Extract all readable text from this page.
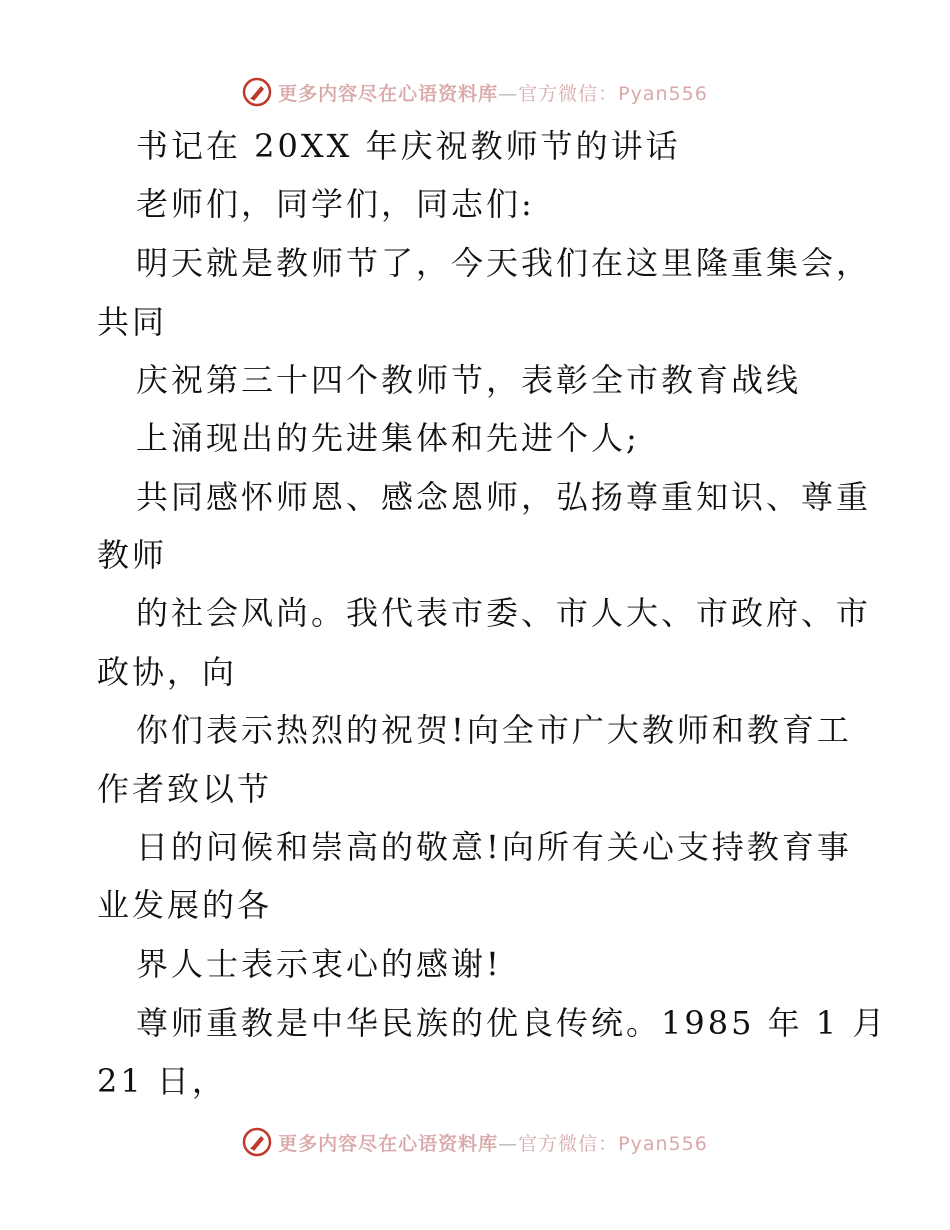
更多内容尽在心语资料库—官方微信：Pyan556
书记在 20XX 年庆祝教师节的讲话
老师们，同学们，同志们:
明天就是教师节了，今天我们在这里隆重集会，
共同
庆祝第三十四个教师节，表彰全市教育战线
上涌现出的先进集体和先进个人;
共同感怀师恩、感念恩师，弘扬尊重知识、尊重
教师
的社会风尚。我代表市委、市人大、市政府、市
政协，向
你们表示热烈的祝贺!向全市广大教师和教育工
作者致以节
日的问候和崇高的敬意!向所有关心支持教育事
业发展的各
界人士表示衷心的感谢!
尊师重教是中华民族的优良传统。1985 年 1 月
21 日，
更多内容尽在心语资料库—官方微信：Pyan556
